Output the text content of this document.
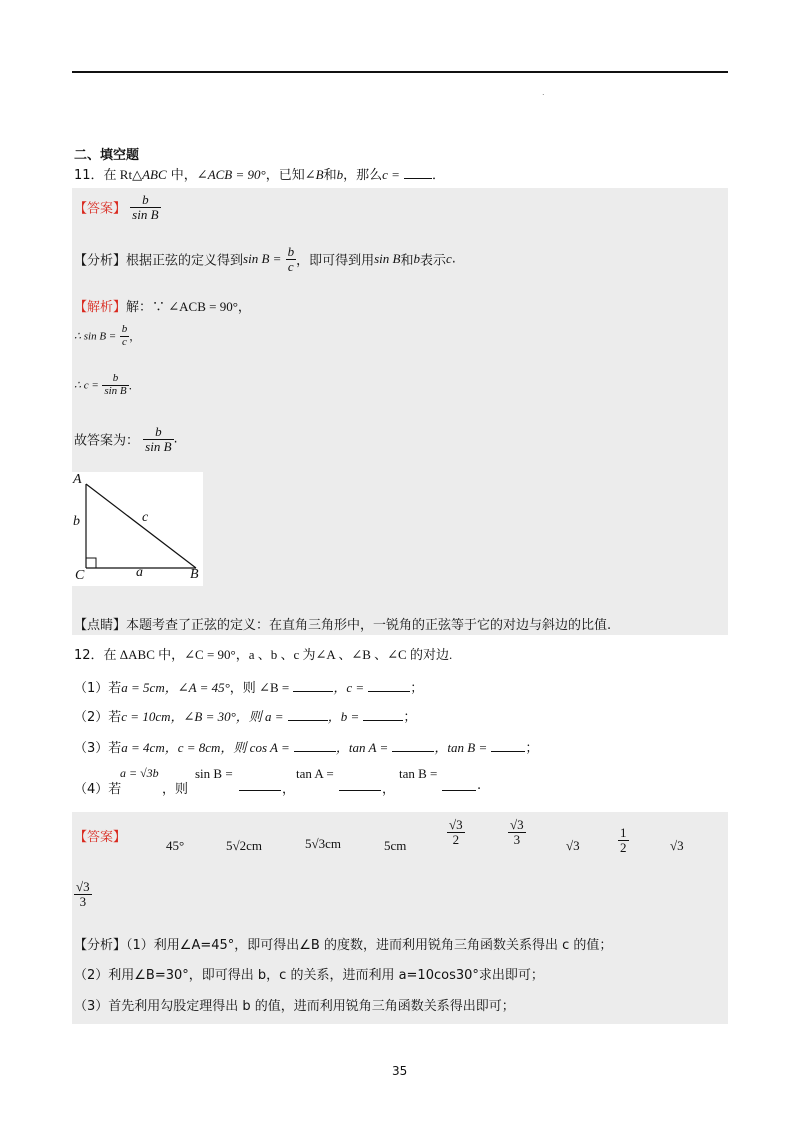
.
二、填空题
11．在 Rt△ABC 中，∠ACB = 90°，已知∠B和b，那么c = ．
【答案】 $\frac{b}{\text{sin B}}$
【分析】根据正弦的定义得到$\sin B = \frac{b}{c}$ ，即可得到用sin B和b表示c.
【解析】解：∵ ∠ACB = 90°，
∴ $\sin B = \frac{b}{c}$ ，
∴ $c = \frac{b}{\text{sin B}}$ ．
故答案为： $\frac{b}{\text{sin B}}$ .
A
B
C	a
b	c
【点睛】本题考查了正弦的定义：在直角三角形中，一锐角的正弦等于它的对边与斜边的比值.
12．在 ΔABC 中，∠C = 90°，a 、b 、c 为∠A 、∠B 、∠C 的对边.
（1）若a = 5cm，∠A = 45°，则 ∠B =	，c =	；
（2）若c = 10cm，∠B = 30°，则 a =	，b =	；
（3）若a = 4cm，c = 8cm，则 cos A =	，tan A =	，tan B =	；
（4）若
a = √3b
，则
sin B =
，
tan A =
，
tan B =
.
【答案】
45°	5√2cm	5√3cm	5cm	$\frac{√3}{2}$	$\frac{√3}{3}$	√3	$\frac{1}{2}$	√3
$\frac{√3}{3}$
【分析】（1）利用∠A=45°，即可得出∠B 的度数，进而利用锐角三角函数关系得出 c 的值；
（2）利用∠B=30°，即可得出 b，c 的关系，进而利用 a=10cos30°求出即可；
（3）首先利用勾股定理得出 b 的值，进而利用锐角三角函数关系得出即可；
35
